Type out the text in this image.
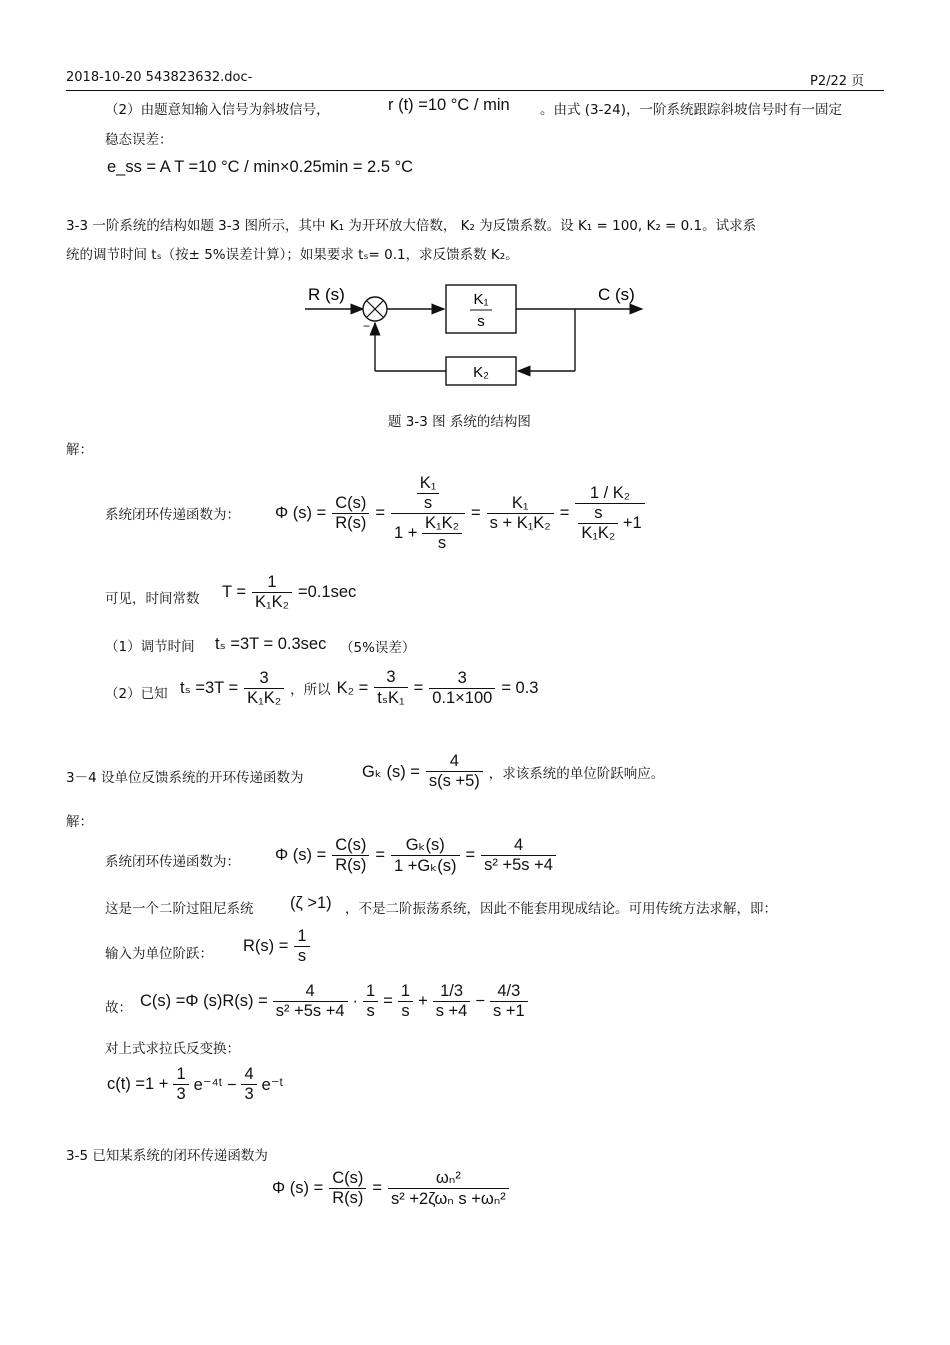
2018-10-20 543823632.doc-	P2/22 页
（2）由题意知输入信号为斜坡信号，	r (t) =10 °C / min 。由式 (3-24)，一阶系统跟踪斜坡信号时有一固定
稳态误差：
e_ss = A T =10 °C / min×0.25min = 2.5 °C
3-3 一阶系统的结构如题 3-3 图所示，其中 K₁ 为开环放大倍数， K₂ 为反馈系数。设 K₁ = 100, K₂ = 0.1。试求系
统的调节时间 tₛ（按± 5%误差计算）；如果要求 tₛ= 0.1，求反馈系数 K₂。
−
R (s)	C (s)
K₁
s
K₂
题 3-3 图 系统的结构图
解：
系统闭环传递函数为： Φ $(s) = \frac{C(s)}{R(s)} = \frac{\frac{\text{K₁}}{s}}{1 + \frac{\text{K₁K₂}}{s}} = \frac{\text{K₁}}{\text{s + K₁K₂}} = \frac{\text{1 / K₂}}{\frac{s}{\text{K₁K₂}} +1}$
可见，时间常数 $T = \frac{1}{\text{K₁K₂}} =0.1\sec$
（1）调节时间 tₛ =3T = 0.3sec （5%误差）
（2）已知 $t_s =3T = \frac{3}{\text{K₁K₂}}$ ，所以 $K_2 = \frac{3}{\text{tₛK₁}} = \frac{3}{0.1\times 100} = 0.3$
3－4 设单位反馈系统的开环传递函数为	Gₖ $(s) = \frac{4}{s(s +5)}$ ，求该系统的单位阶跃响应。
解：
系统闭环传递函数为： Φ $(s) = \frac{C(s)}{R(s)} = \frac{\text{Gₖ(s)}}{\text{1 +Gₖ(s)}} = \frac{4}{\text{s² +5s +4}}$
这是一个二阶过阻尼系统 (ζ >1) ，不是二阶振荡系统，因此不能套用现成结论。可用传统方法求解，即：
输入为单位阶跃： $R(s) = \frac{1}{s}$
故： C(s) =Φ $(s)R(s) = \frac{4}{\text{s² +5s +4}} \cdot \frac{1}{s} = \frac{1}{s} + \frac{1/3}{s +4} - \frac{4/3}{s +1}$
对上式求拉氏反变换：
$c(t) =1 + \frac{1}{3}$ e⁻⁴ᵗ − $\frac{4}{3}$ e⁻ᵗ
3-5 已知某系统的闭环传递函数为
Φ $(s) = \frac{C(s)}{R(s)} = \frac{\text{ωₙ²}}{\text{s² +2ζωₙ s +ωₙ²}}$
